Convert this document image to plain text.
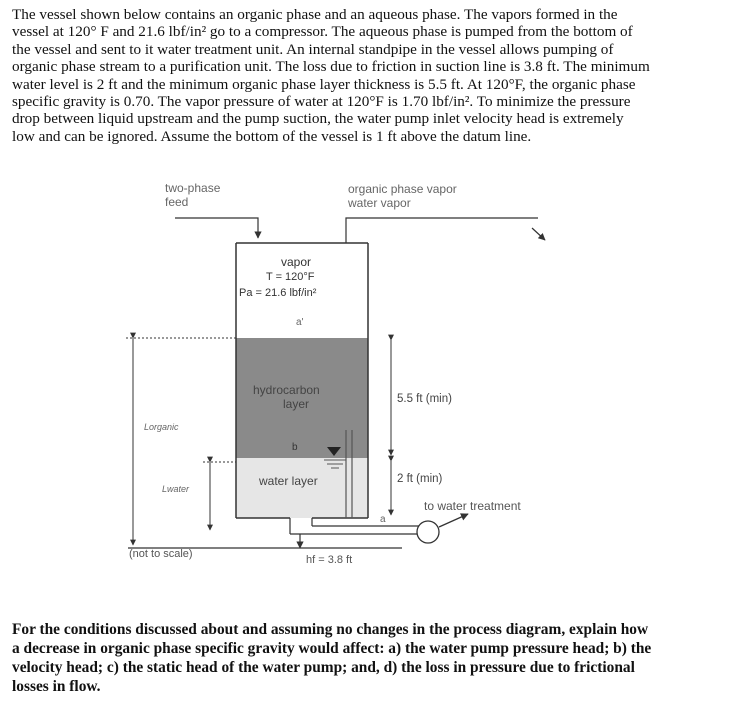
The vessel shown below contains an organic phase and an aqueous phase. The vapors formed in the
vessel at 120° F and 21.6 lbf/in² go to a compressor. The aqueous phase is pumped from the bottom of
the vessel and sent to it water treatment unit. An internal standpipe in the vessel allows pumping of
organic phase stream to a purification unit. The loss due to friction in suction line is 3.8 ft. The minimum
water level is 2 ft and the minimum organic phase layer thickness is 5.5 ft. At 120°F, the organic phase
specific gravity is 0.70. The vapor pressure of water at 120°F is 1.70 lbf/in². To minimize the pressure
drop between liquid upstream and the pump suction, the water pump inlet velocity head is extremely
low and can be ignored. Assume the bottom of the vessel is 1 ft above the datum line.
two-phase
feed
organic phase vapor
water vapor
vapor
T = 120°F
Pa = 21.6 lbf/in²
a'
hydrocarbon
layer
b
water layer
5.5 ft (min)
2 ft (min)
Lorganic
Lwater
a
to water treatment
(not to scale)	hf = 3.8 ft
For the conditions discussed about and assuming no changes in the process diagram, explain how
a decrease in organic phase specific gravity would affect: a) the water pump pressure head; b) the
velocity head; c) the static head of the water pump; and, d) the loss in pressure due to frictional
losses in flow.
